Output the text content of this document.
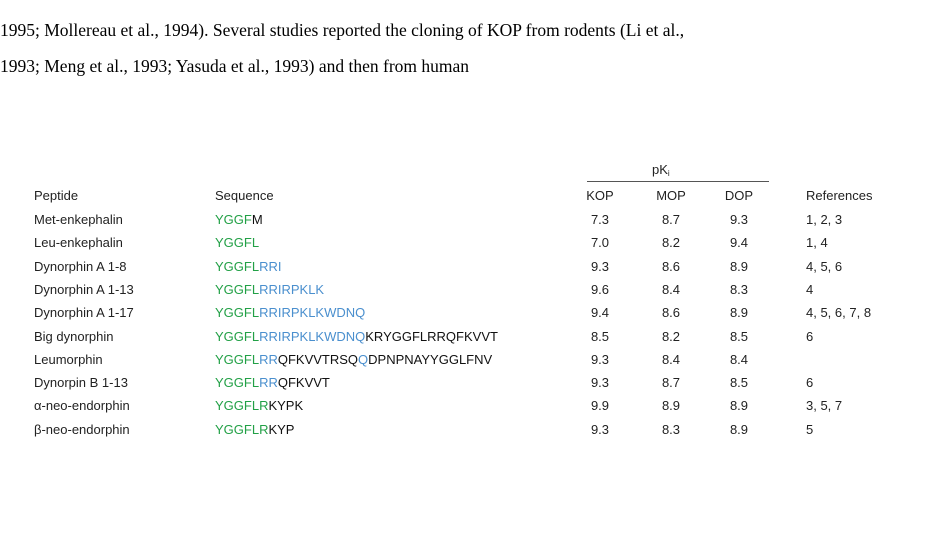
1995; Mollereau et al., 1994). Several studies reported the cloning of KOP from rodents (Li et al.,
1993; Meng et al., 1993; Yasuda et al., 1993) and then from human
$pK_i$
Peptide	Sequence	KOP	MOP	DOP	References
Met-enkephalin	YGGFM	7.3	8.7	9.3	1, 2, 3
Leu-enkephalin	YGGFL	7.0	8.2	9.4	1, 4
Dynorphin A 1-8	YGGFLRRI	9.3	8.6	8.9	4, 5, 6
Dynorphin A 1-13	YGGFLRRIRPKLK	9.6	8.4	8.3	4
Dynorphin A 1-17	YGGFLRRIRPKLKWDNQ	9.4	8.6	8.9	4, 5, 6, 7, 8
Big dynorphin	YGGFLRRIRPKLKWDNQKRYGGFLRRQFKVVT	8.5	8.2	8.5	6
Leumorphin	YGGFLRRQFKVVTRSQQDPNPNAYYGGLFNV	9.3	8.4	8.4
Dynorpin B 1-13	YGGFLRRQFKVVT	9.3	8.7	8.5	6
α-neo-endorphin	YGGFLRKYPK	9.9	8.9	8.9	3, 5, 7
β-neo-endorphin	YGGFLRKYP	9.3	8.3	8.9	5
